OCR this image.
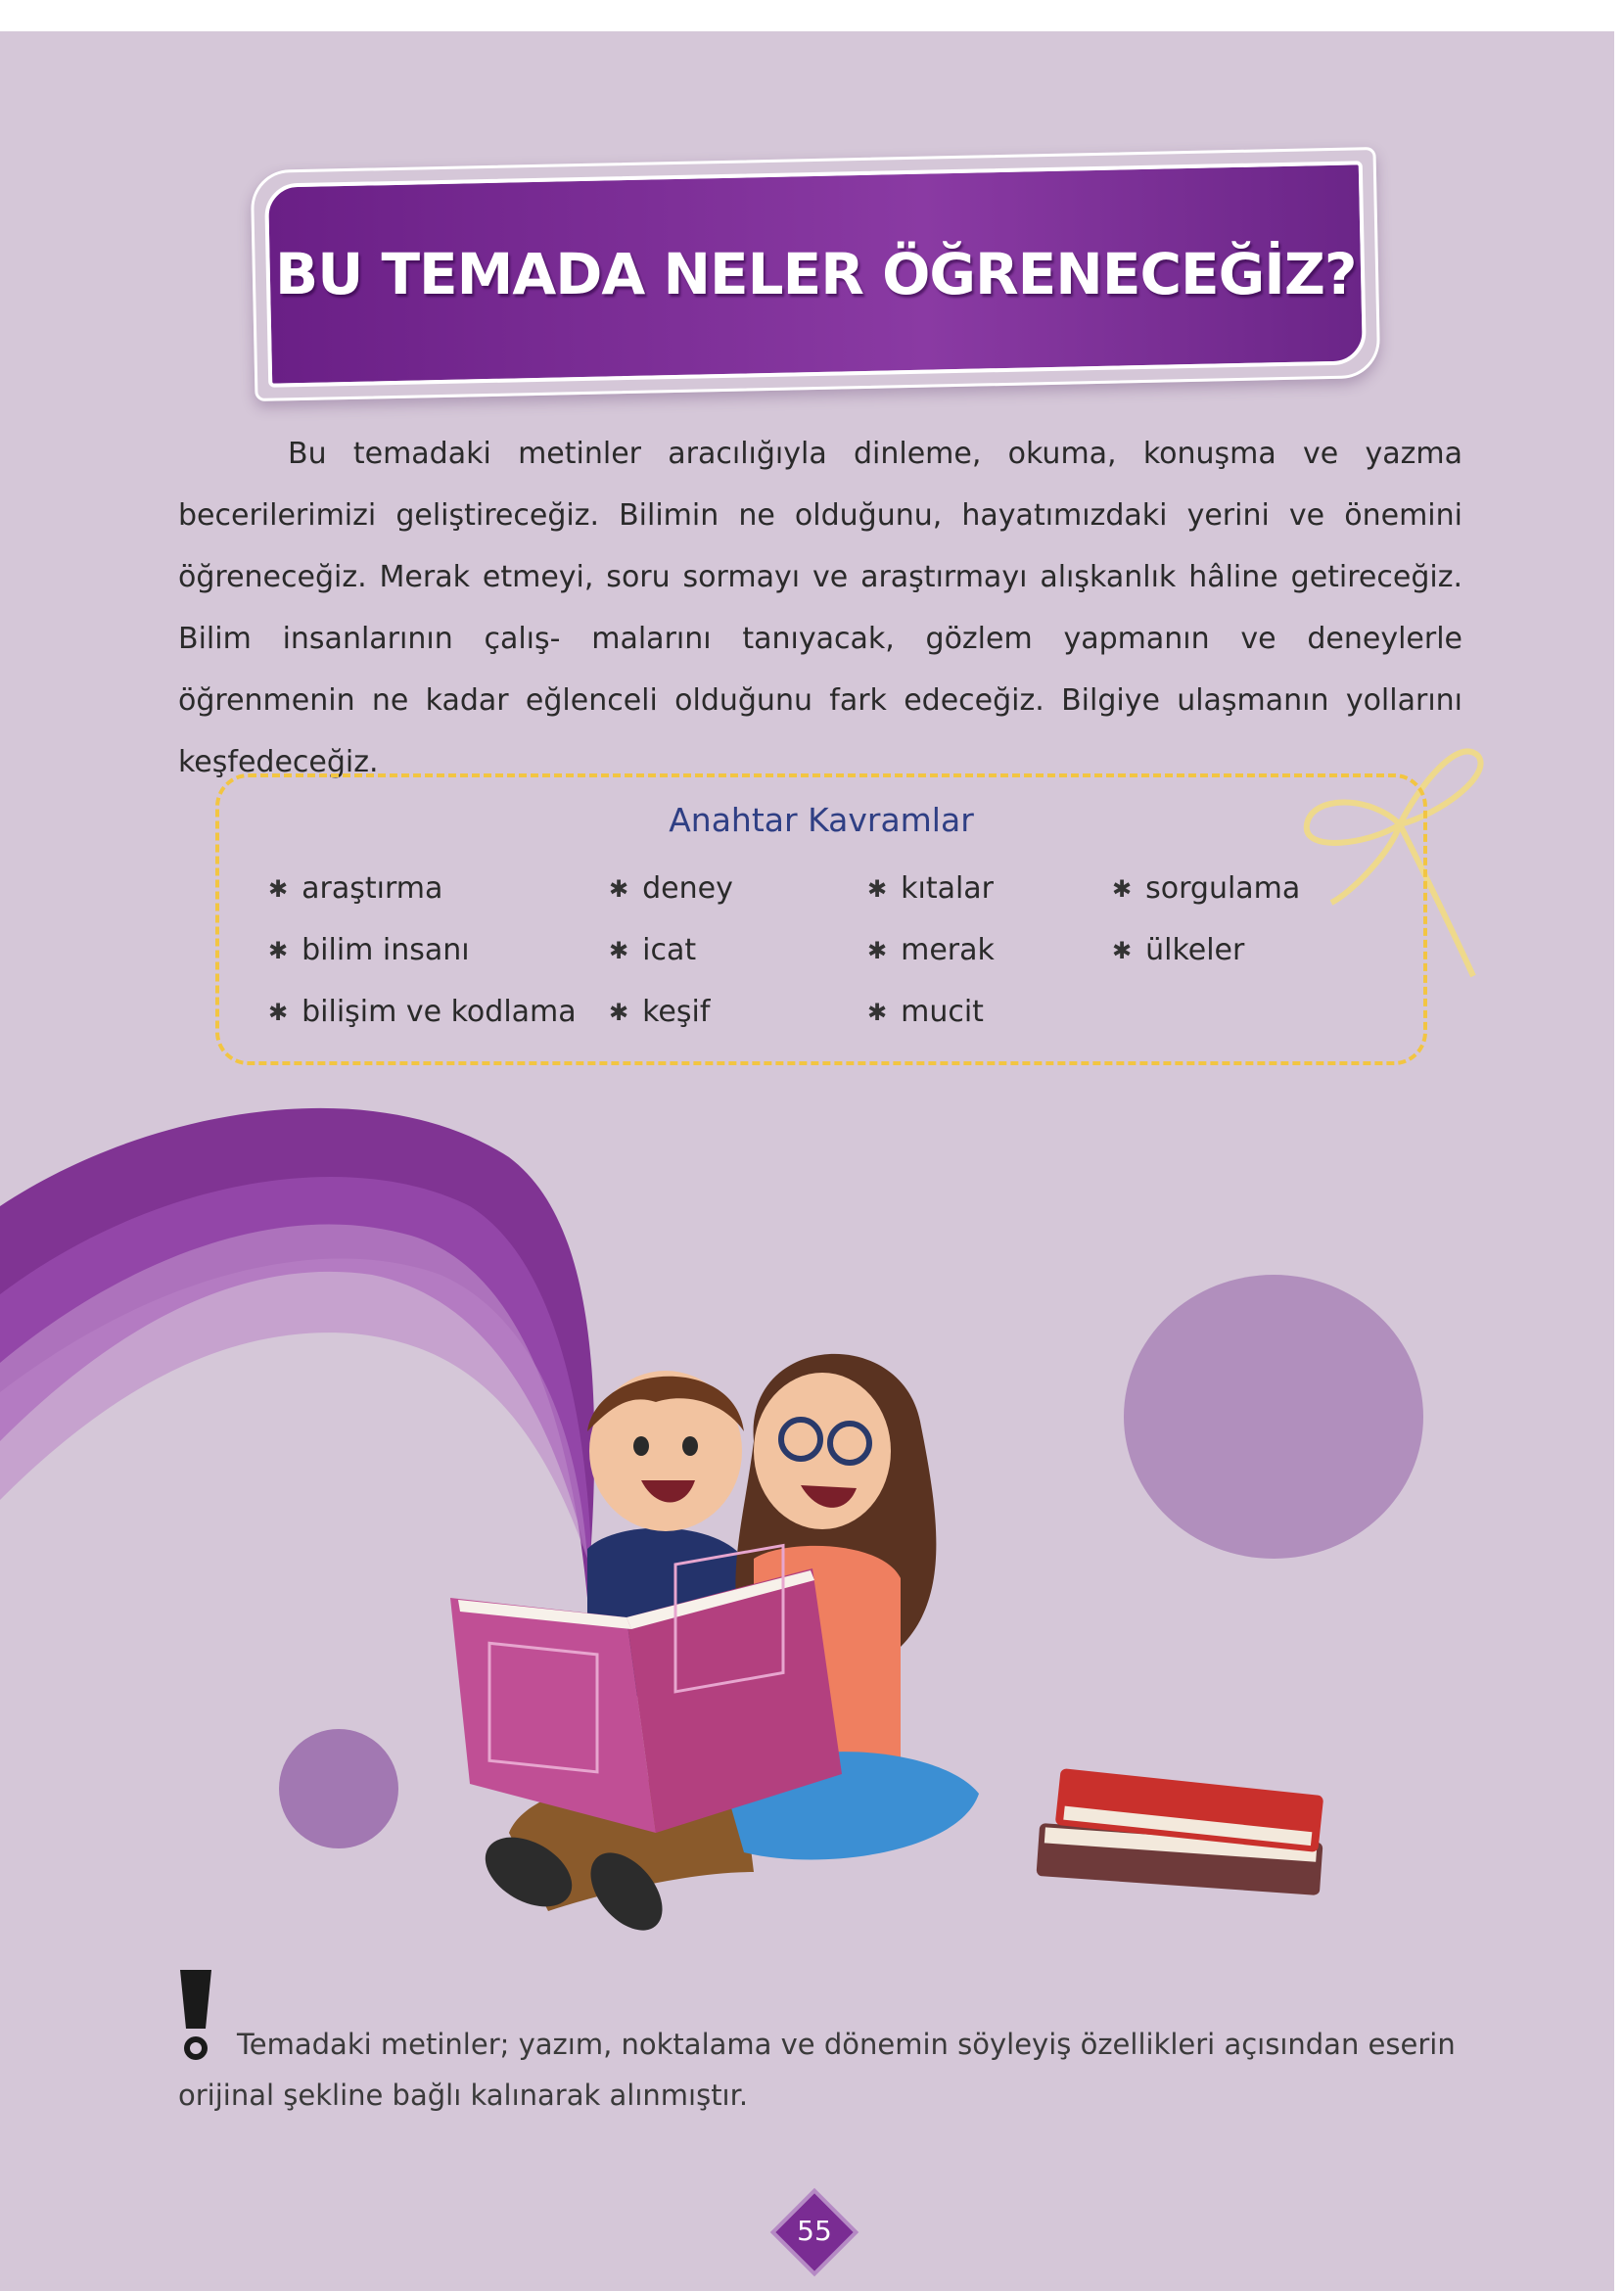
BU TEMADA NELER ÖĞRENECEĞİZ?

Bu temadaki metinler aracılığıyla dinleme, okuma, konuşma ve yazma becerilerimizi geliştireceğiz. Bilimin ne olduğunu, hayatımızdaki yerini ve önemini öğreneceğiz. Merak etmeyi, soru sormayı ve araştırmayı alışkanlık hâline getireceğiz. Bilim insanlarının çalış- malarını tanıyacak, gözlem yapmanın ve deneylerle öğrenmenin ne kadar eğlenceli olduğunu fark edeceğiz. Bilgiye ulaşmanın yollarını keşfedeceğiz.

Anahtar Kavramlar
✱ araştırma
✱ bilim insanı
✱ bilişim ve kodlama
✱ deney
✱ icat
✱ keşif
✱ kıtalar
✱ merak
✱ mucit
✱ sorgulama
✱ ülkeler

Temadaki metinler; yazım, noktalama ve dönemin söyleyiş özellikleri açısından eserin orijinal şekline bağlı kalınarak alınmıştır.

55
